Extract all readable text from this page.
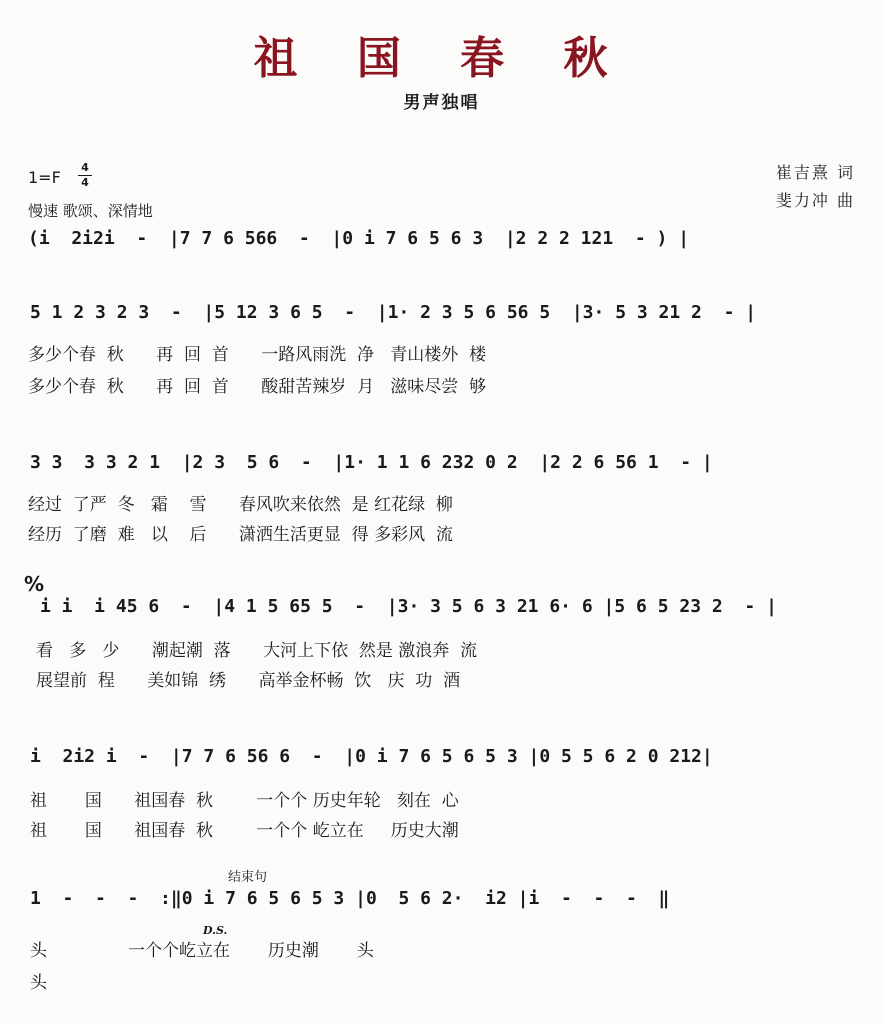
祖 国 春 秋
男声独唱
1=F
4
4
慢速 歌颂、深情地
崔吉熹 词
斐力冲 曲
%
结束句
D.S.
(i  2i2i  -  |7 7 6 566  -  |0 i 7 6 5 6 3  |2 2 2 121  - ) |
5 1 2 3 2 3  -  |5 12 3 6 5  -  |1· 2 3 5 6 56 5  |3· 5 3 21 2  - |
多少个春  秋      再  回  首      一路风雨洗  净   青山楼外  楼
多少个春  秋      再  回  首      酸甜苦辣岁  月   滋味尽尝  够
3 3  3 3 2 1  |2 3  5 6  -  |1· 1 1 6 232 0 2  |2 2 6 56 1  - |
经过  了严  冬   霜    雪      春风吹来依然  是 红花绿  柳
经历  了磨  难   以    后      潇洒生活更显  得 多彩风  流
i i  i 45 6  -  |4 1 5 65 5  -  |3· 3 5 6 3 21 6· 6 |5 6 5 23 2  - |
看   多   少      潮起潮  落      大河上下依  然是 激浪奔  流
展望前  程      美如锦  绣      高举金杯畅  饮   庆  功  酒
i  2i2 i  -  |7 7 6 56 6  -  |0 i 7 6 5 6 5 3 |0 5 5 6 2 0 212|
祖       国      祖国春  秋        一个个 历史年轮   刻在  心
祖       国      祖国春  秋        一个个 屹立在     历史大潮
1  -  -  -  :‖0 i 7 6 5 6 5 3 |0  5 6 2·  i2 |i  -  -  -  ‖
头               一个个屹立在       历史潮       头
头
